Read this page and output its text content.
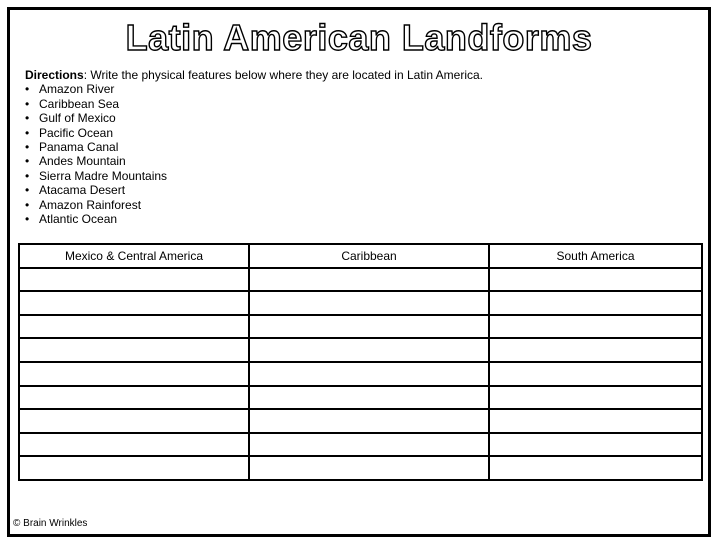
Latin American Landforms
Directions: Write the physical features below where they are located in Latin America.
• Amazon River
• Caribbean Sea
• Gulf of Mexico
• Pacific Ocean
• Panama Canal
• Andes Mountain
• Sierra Madre Mountains
• Atacama Desert
• Amazon Rainforest
• Atlantic Ocean
Mexico & Central America	Caribbean	South America

© Brain Wrinkles
